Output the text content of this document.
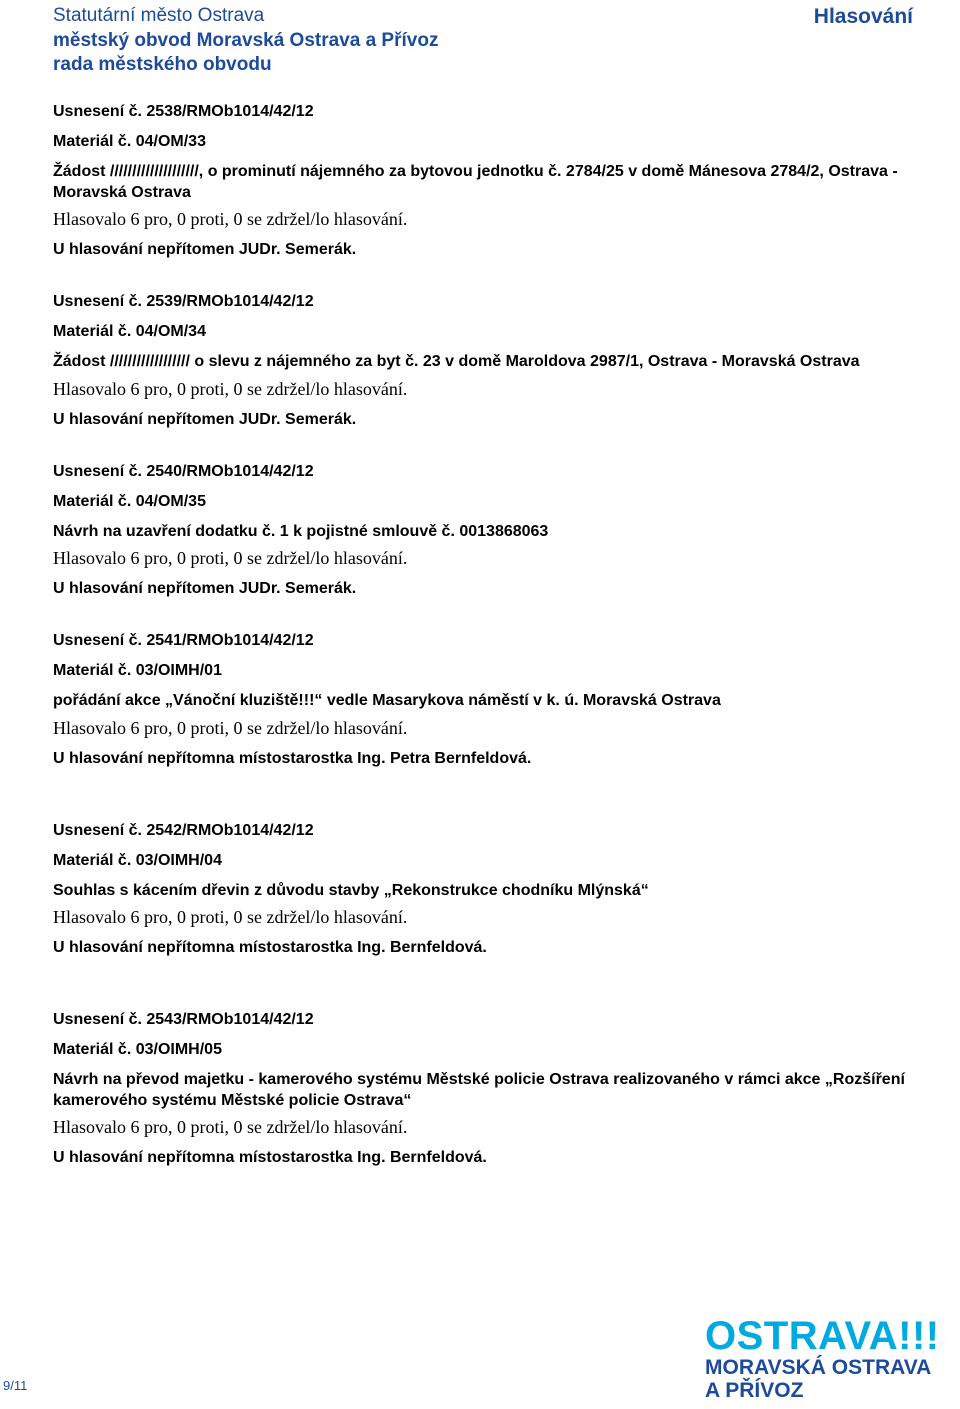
Statutární město Ostrava
městský obvod Moravská Ostrava a Přívoz
rada městského obvodu
Hlasování

Usnesení č. 2538/RMOb1014/42/12

Materiál č. 04/OM/33

Žádost ////////////////////, o prominutí nájemného za bytovou jednotku č. 2784/25 v domě Mánesova 2784/2, Ostrava - Moravská Ostrava

Hlasovalo 6 pro, 0 proti, 0 se zdržel/lo hlasování.

U hlasování nepřítomen JUDr. Semerák.

Usnesení č. 2539/RMOb1014/42/12

Materiál č. 04/OM/34

Žádost ////////////////// o slevu z nájemného za byt č. 23 v domě Maroldova 2987/1, Ostrava - Moravská Ostrava

Hlasovalo 6 pro, 0 proti, 0 se zdržel/lo hlasování.

U hlasování nepřítomen JUDr. Semerák.

Usnesení č. 2540/RMOb1014/42/12

Materiál č. 04/OM/35

Návrh na uzavření dodatku č. 1 k pojistné smlouvě č. 0013868063

Hlasovalo 6 pro, 0 proti, 0 se zdržel/lo hlasování.

U hlasování nepřítomen JUDr. Semerák.

Usnesení č. 2541/RMOb1014/42/12

Materiál č. 03/OIMH/01

pořádání akce „Vánoční kluziště!!!“ vedle Masarykova náměstí v k. ú. Moravská Ostrava

Hlasovalo 6 pro, 0 proti, 0 se zdržel/lo hlasování.

U hlasování nepřítomna místostarostka Ing. Petra Bernfeldová.

Usnesení č. 2542/RMOb1014/42/12

Materiál č. 03/OIMH/04

Souhlas s kácením dřevin z důvodu stavby „Rekonstrukce chodníku Mlýnská“

Hlasovalo 6 pro, 0 proti, 0 se zdržel/lo hlasování.

U hlasování nepřítomna místostarostka Ing. Bernfeldová.

Usnesení č. 2543/RMOb1014/42/12

Materiál č. 03/OIMH/05

Návrh na převod majetku - kamerového systému Městské policie Ostrava realizovaného v rámci akce „Rozšíření kamerového systému Městské policie Ostrava“

Hlasovalo 6 pro, 0 proti, 0 se zdržel/lo hlasování.

U hlasování nepřítomna místostarostka Ing. Bernfeldová.

9/11
OSTRAVA!!!
MORAVSKÁ OSTRAVA
A PŘÍVOZ
